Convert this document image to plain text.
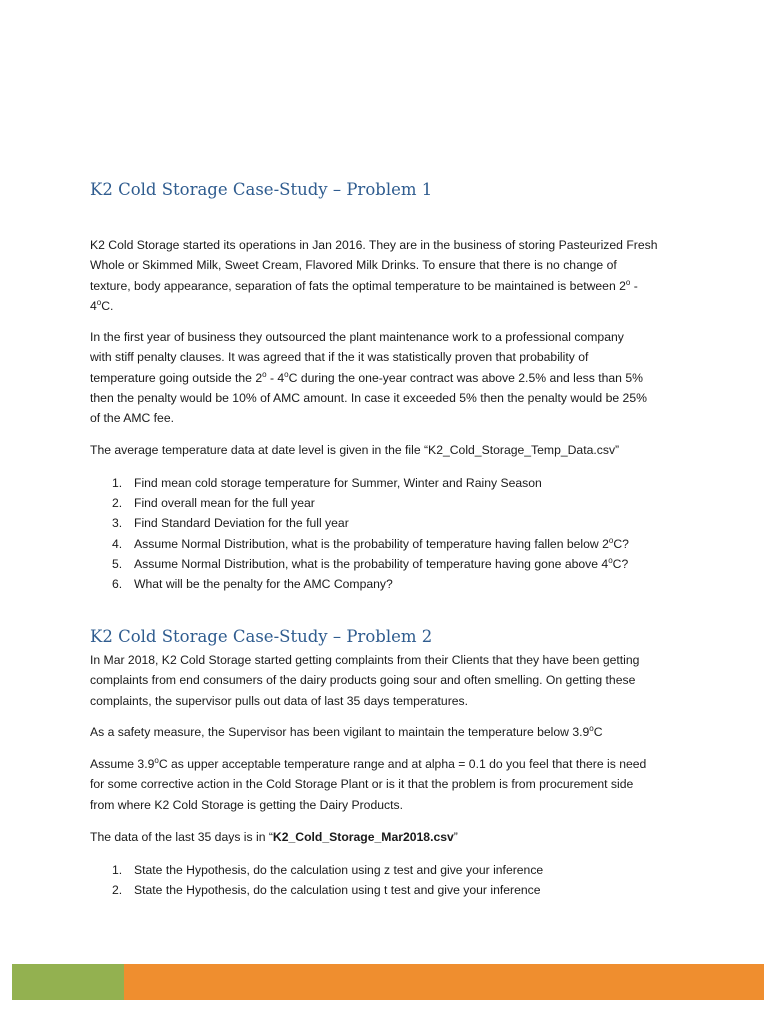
K2 Cold Storage Case-Study – Problem 1

K2 Cold Storage started its operations in Jan 2016. They are in the business of storing Pasteurized Fresh
Whole or Skimmed Milk, Sweet Cream, Flavored Milk Drinks. To ensure that there is no change of
texture, body appearance, separation of fats the optimal temperature to be maintained is between 2$^o$ -
4$^o$C.

In the first year of business they outsourced the plant maintenance work to a professional company
with stiff penalty clauses. It was agreed that if the it was statistically proven that probability of
temperature going outside the 2$^o$ - 4$^o$C during the one-year contract was above 2.5% and less than 5%
then the penalty would be 10% of AMC amount. In case it exceeded 5% then the penalty would be 25%
of the AMC fee.

The average temperature data at date level is given in the file “K2_Cold_Storage_Temp_Data.csv”

1. Find mean cold storage temperature for Summer, Winter and Rainy Season
2. Find overall mean for the full year
3. Find Standard Deviation for the full year
4. Assume Normal Distribution, what is the probability of temperature having fallen below 2$^o$C?
5. Assume Normal Distribution, what is the probability of temperature having gone above 4$^o$C?
6. What will be the penalty for the AMC Company?
K2 Cold Storage Case-Study – Problem 2

In Mar 2018, K2 Cold Storage started getting complaints from their Clients that they have been getting
complaints from end consumers of the dairy products going sour and often smelling. On getting these
complaints, the supervisor pulls out data of last 35 days temperatures.

As a safety measure, the Supervisor has been vigilant to maintain the temperature below 3.9$^o$C

Assume 3.9$^o$C as upper acceptable temperature range and at alpha = 0.1 do you feel that there is need
for some corrective action in the Cold Storage Plant or is it that the problem is from procurement side
from where K2 Cold Storage is getting the Dairy Products.

The data of the last 35 days is in “K2_Cold_Storage_Mar2018.csv”

1. State the Hypothesis, do the calculation using z test and give your inference
2. State the Hypothesis, do the calculation using t test and give your inference
